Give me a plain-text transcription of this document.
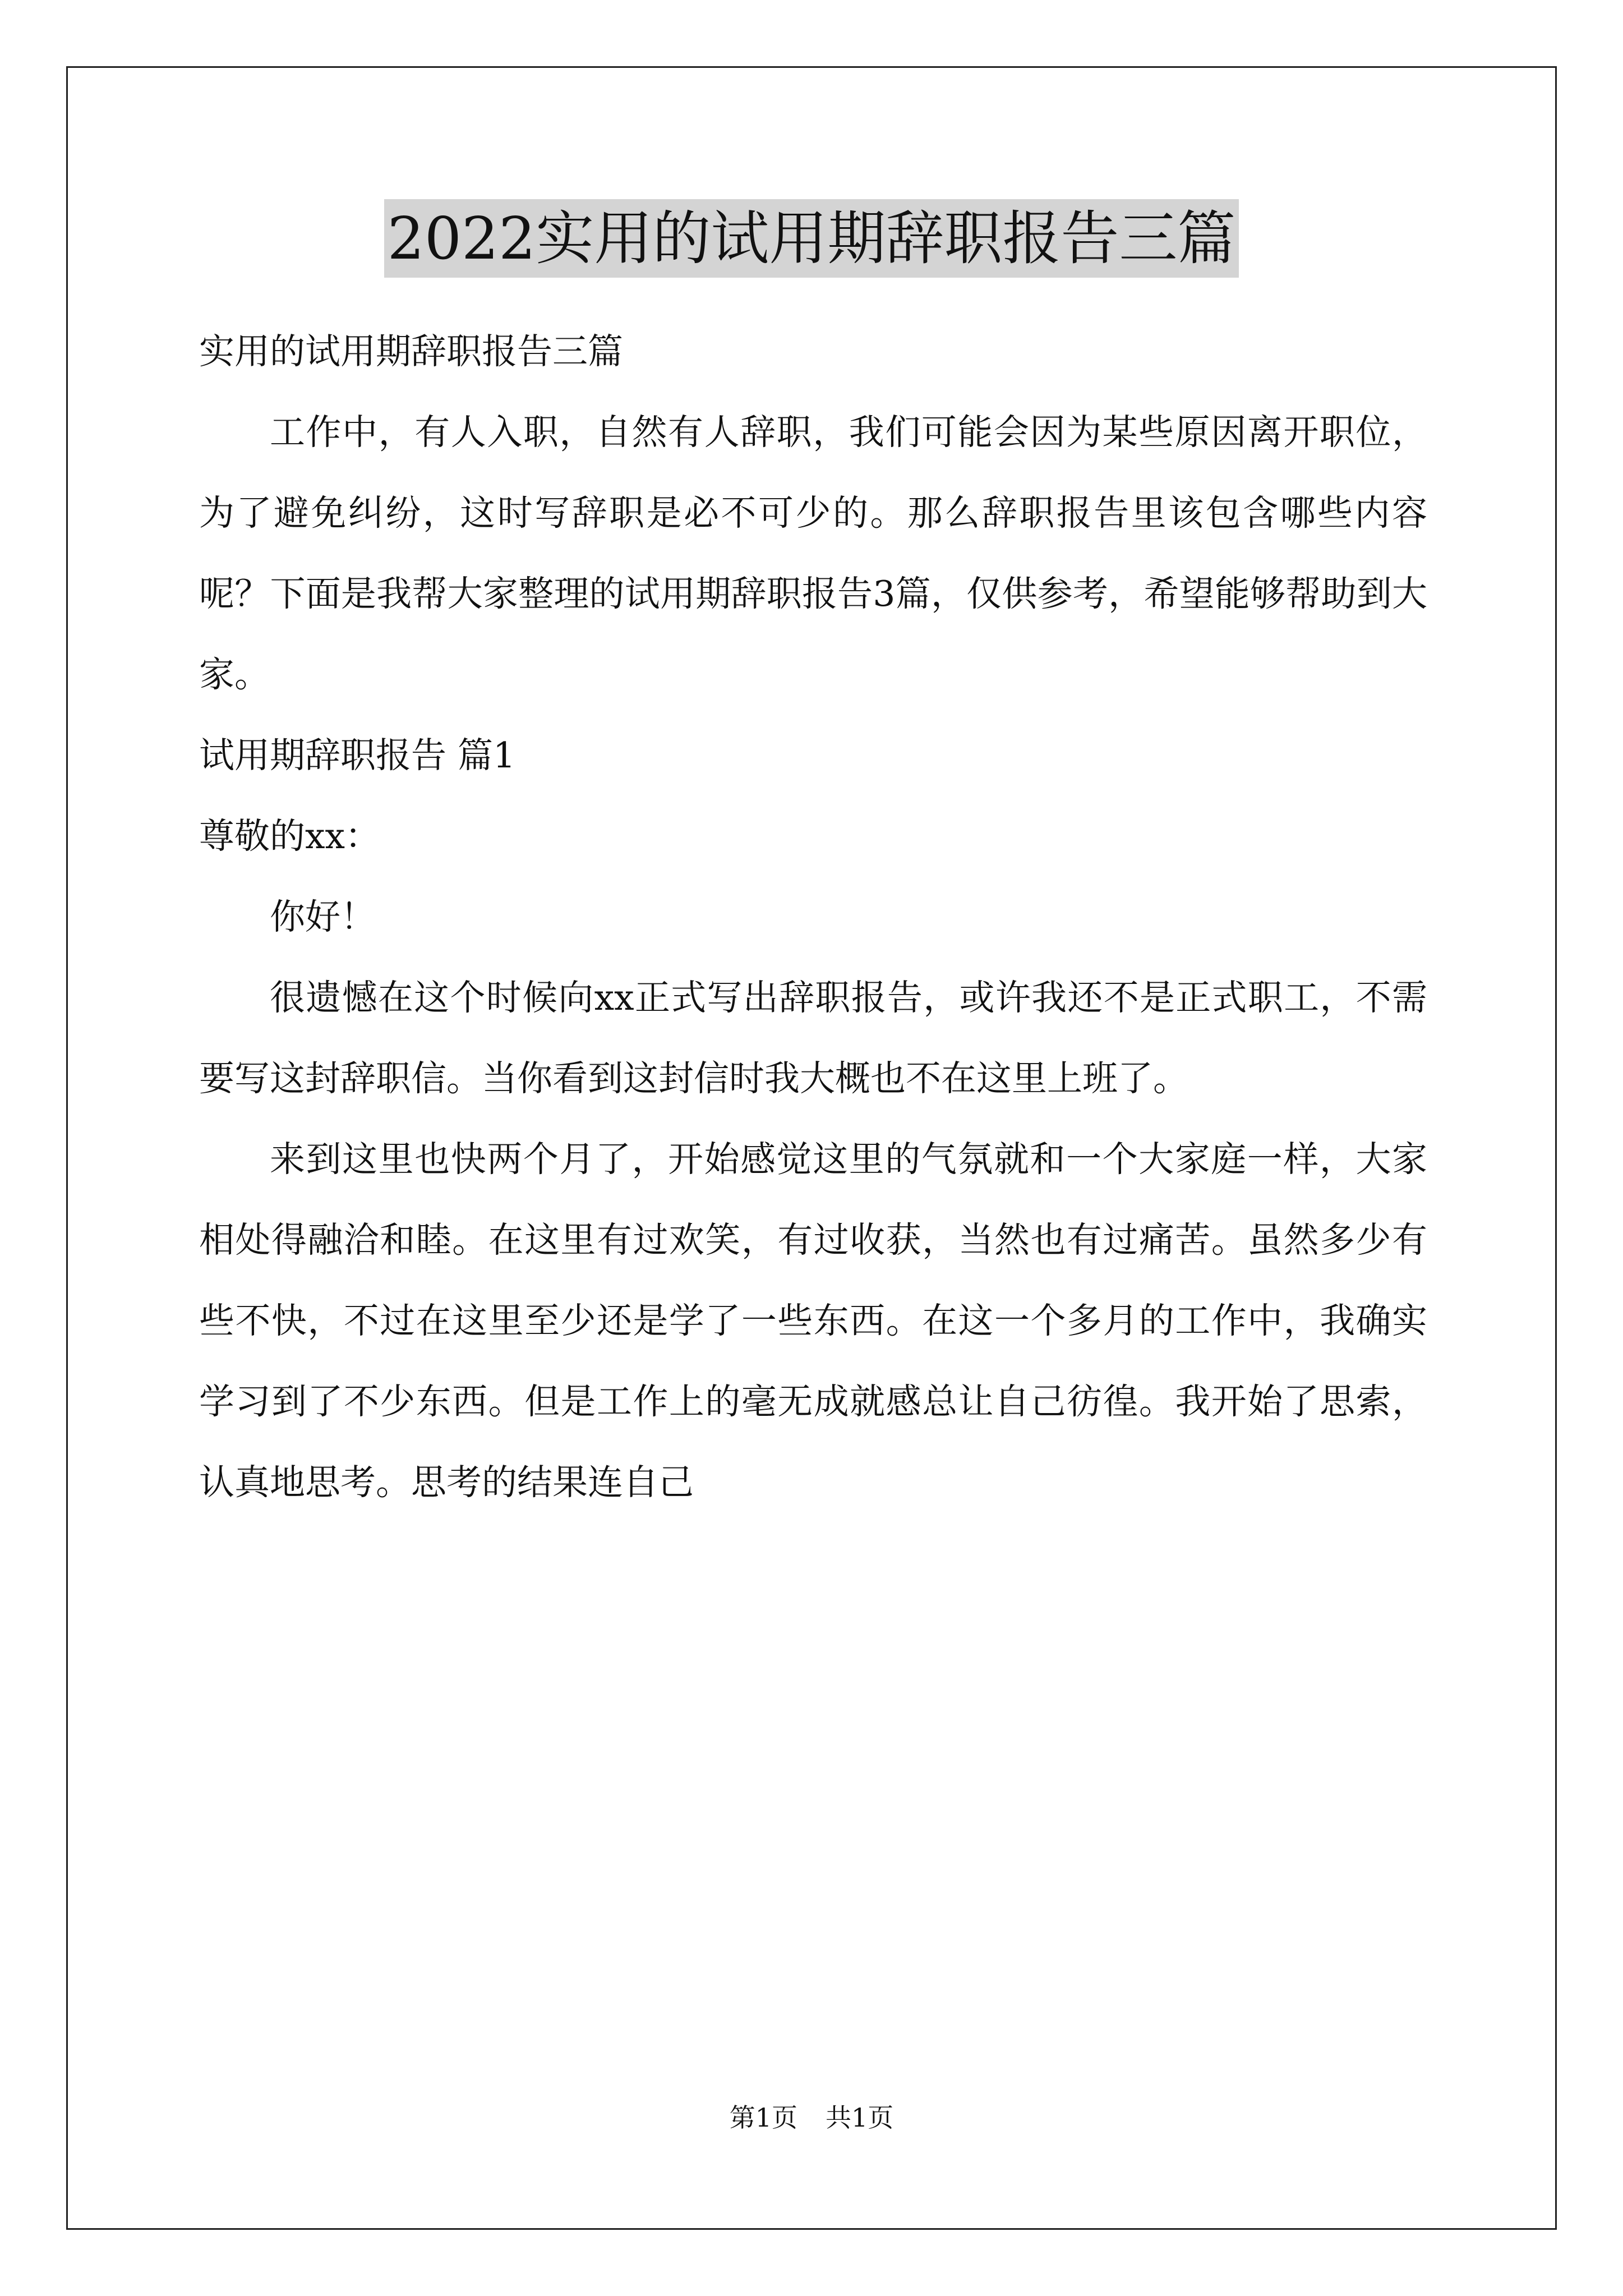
2022实用的试用期辞职报告三篇
实用的试用期辞职报告三篇

工作中，有人入职，自然有人辞职，我们可能会因为某些原因离开职位，为了避免纠纷，这时写辞职是必不可少的。那么辞职报告里该包含哪些内容呢？下面是我帮大家整理的试用期辞职报告3篇，仅供参考，希望能够帮助到大家。

试用期辞职报告 篇1
尊敬的xx：
你好！

很遗憾在这个时候向xx正式写出辞职报告，或许我还不是正式职工，不需要写这封辞职信。当你看到这封信时我大概也不在这里上班了。

来到这里也快两个月了，开始感觉这里的气氛就和一个大家庭一样，大家相处得融洽和睦。在这里有过欢笑，有过收获，当然也有过痛苦。虽然多少有些不快，不过在这里至少还是学了一些东西。在这一个多月的工作中，我确实学习到了不少东西。但是工作上的毫无成就感总让自己彷徨。我开始了思索，认真地思考。思考的结果连自己

第1页 共1页
